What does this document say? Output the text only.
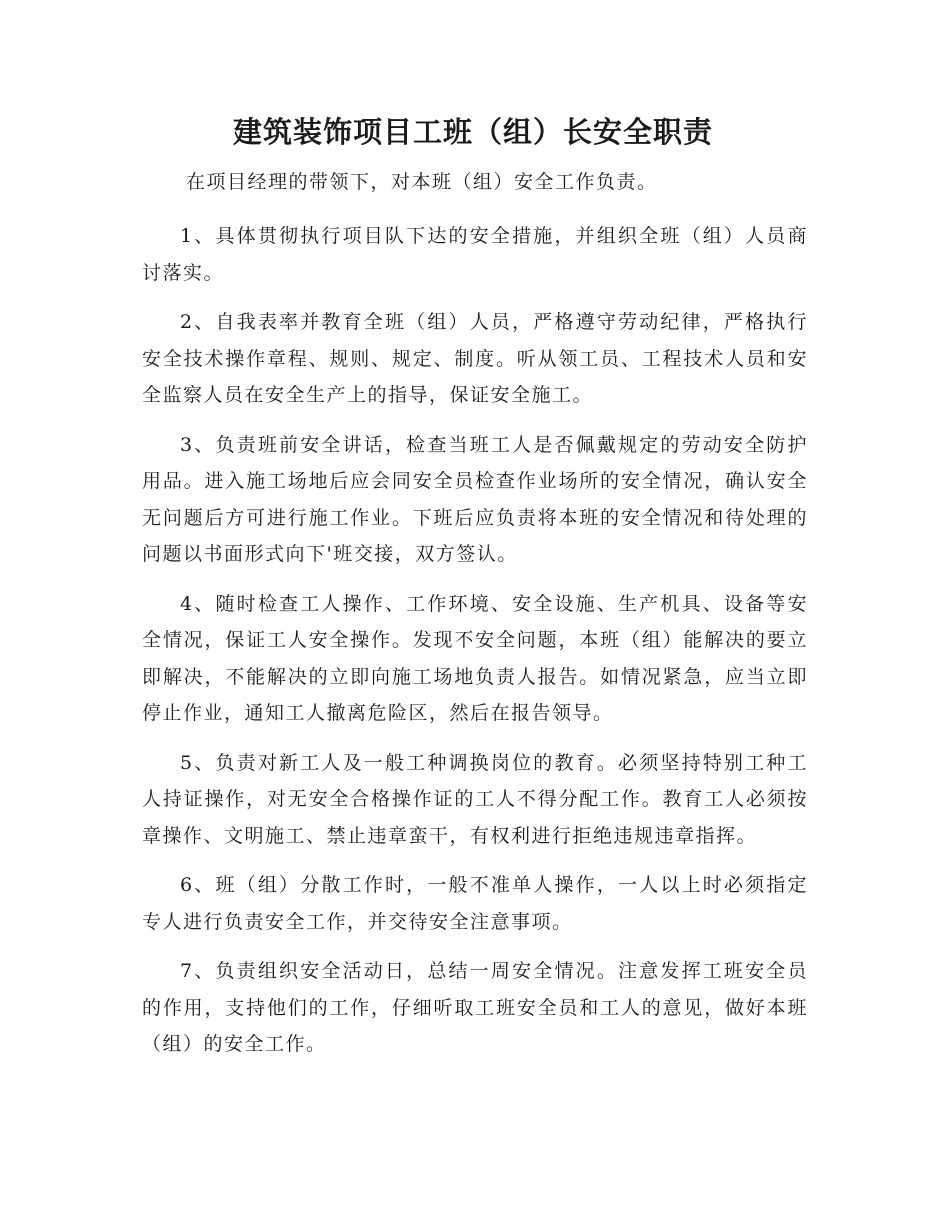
建筑装饰项目工班（组）长安全职责

在项目经理的带领下，对本班（组）安全工作负责。

1、具体贯彻执行项目队下达的安全措施，并组织全班（组）人员商讨落实。

2、自我表率并教育全班（组）人员，严格遵守劳动纪律，严格执行安全技术操作章程、规则、规定、制度。听从领工员、工程技术人员和安全监察人员在安全生产上的指导，保证安全施工。

3、负责班前安全讲话，检查当班工人是否佩戴规定的劳动安全防护用品。进入施工场地后应会同安全员检查作业场所的安全情况，确认安全无问题后方可进行施工作业。下班后应负责将本班的安全情况和待处理的问题以书面形式向下'班交接，双方签认。

4、随时检查工人操作、工作环境、安全设施、生产机具、设备等安全情况，保证工人安全操作。发现不安全问题，本班（组）能解决的要立即解决，不能解决的立即向施工场地负责人报告。如情况紧急，应当立即停止作业，通知工人撤离危险区，然后在报告领导。

5、负责对新工人及一般工种调换岗位的教育。必须坚持特别工种工人持证操作，对无安全合格操作证的工人不得分配工作。教育工人必须按章操作、文明施工、禁止违章蛮干，有权利进行拒绝违规违章指挥。

6、班（组）分散工作时，一般不准单人操作，一人以上时必须指定专人进行负责安全工作，并交待安全注意事项。

7、负责组织安全活动日，总结一周安全情况。注意发挥工班安全员的作用，支持他们的工作，仔细听取工班安全员和工人的意见，做好本班（组）的安全工作。
